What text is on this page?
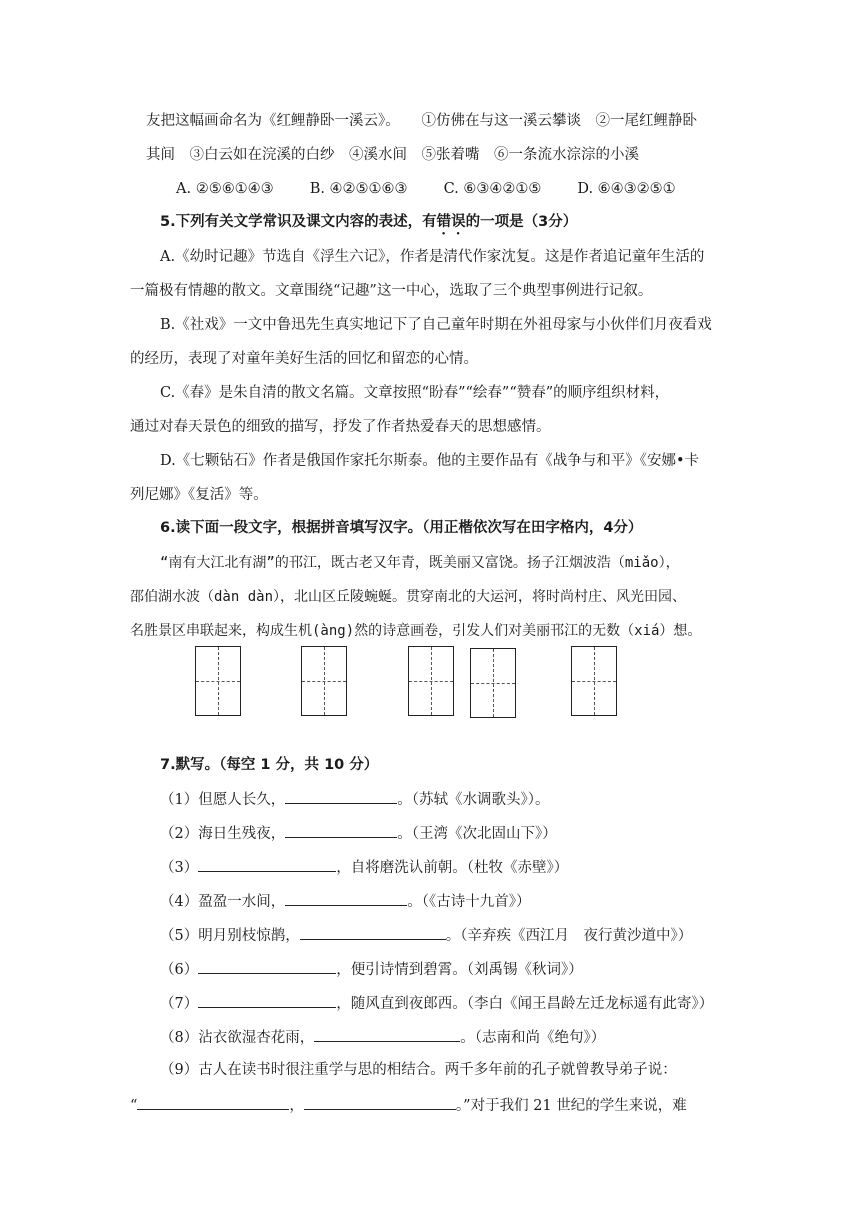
友把这幅画命名为《红鲤静卧一溪云》。　　①仿佛在与这一溪云攀谈　②一尾红鲤静卧
其间　③白云如在浣溪的白纱　④溪水间　⑤张着嘴　⑥一条流水淙淙的小溪
A. ②⑤⑥①④③ B. ④②⑤①⑥③ C. ⑥③④②①⑤ D. ⑥④③②⑤①
5.下列有关文学常识及课文内容的表述，有错误的一项是（3分）
A.《幼时记趣》节选自《浮生六记》，作者是清代作家沈复。这是作者追记童年生活的
一篇极有情趣的散文。文章围绕“记趣”这一中心，选取了三个典型事例进行记叙。
B.《社戏》一文中鲁迅先生真实地记下了自己童年时期在外祖母家与小伙伴们月夜看戏
的经历，表现了对童年美好生活的回忆和留恋的心情。
C.《春》是朱自清的散文名篇。文章按照“盼春”“绘春”“赞春”的顺序组织材料，
通过对春天景色的细致的描写，抒发了作者热爱春天的思想感情。
D.《七颗钻石》作者是俄国作家托尔斯泰。他的主要作品有《战争与和平》《安娜•卡
列尼娜》《复活》等。
6.读下面一段文字，根据拼音填写汉字。（用正楷依次写在田字格内，4分）
“南有大江北有湖”的邗江，既古老又年青，既美丽又富饶。扬子江烟波浩（miǎo），
邵伯湖水波（dàn dàn），北山区丘陵蜿蜒。贯穿南北的大运河，将时尚村庄、风光田园、
名胜景区串联起来，构成生机(àng)然的诗意画卷，引发人们对美丽邗江的无数（xiá）想。
7.默写。（每空 1 分，共 10 分）
（1）但愿人长久，	。（苏轼《水调歌头》）。
（2）海日生残夜，	。（王湾《次北固山下》）
（3）	，自将磨洗认前朝。（杜牧《赤壁》）
（4）盈盈一水间，	。（《古诗十九首》）
（5）明月别枝惊鹊，	。（辛弃疾《西江月　夜行黄沙道中》）
（6）	，便引诗情到碧霄。（刘禹锡《秋词》）
（7）	，随风直到夜郎西。（李白《闻王昌龄左迁龙标遥有此寄》）
（8）沾衣欲湿杏花雨，	。（志南和尚《绝句》）
（9）古人在读书时很注重学与思的相结合。两千多年前的孔子就曾教导弟子说：
“	，	。”对于我们 21 世纪的学生来说，难
